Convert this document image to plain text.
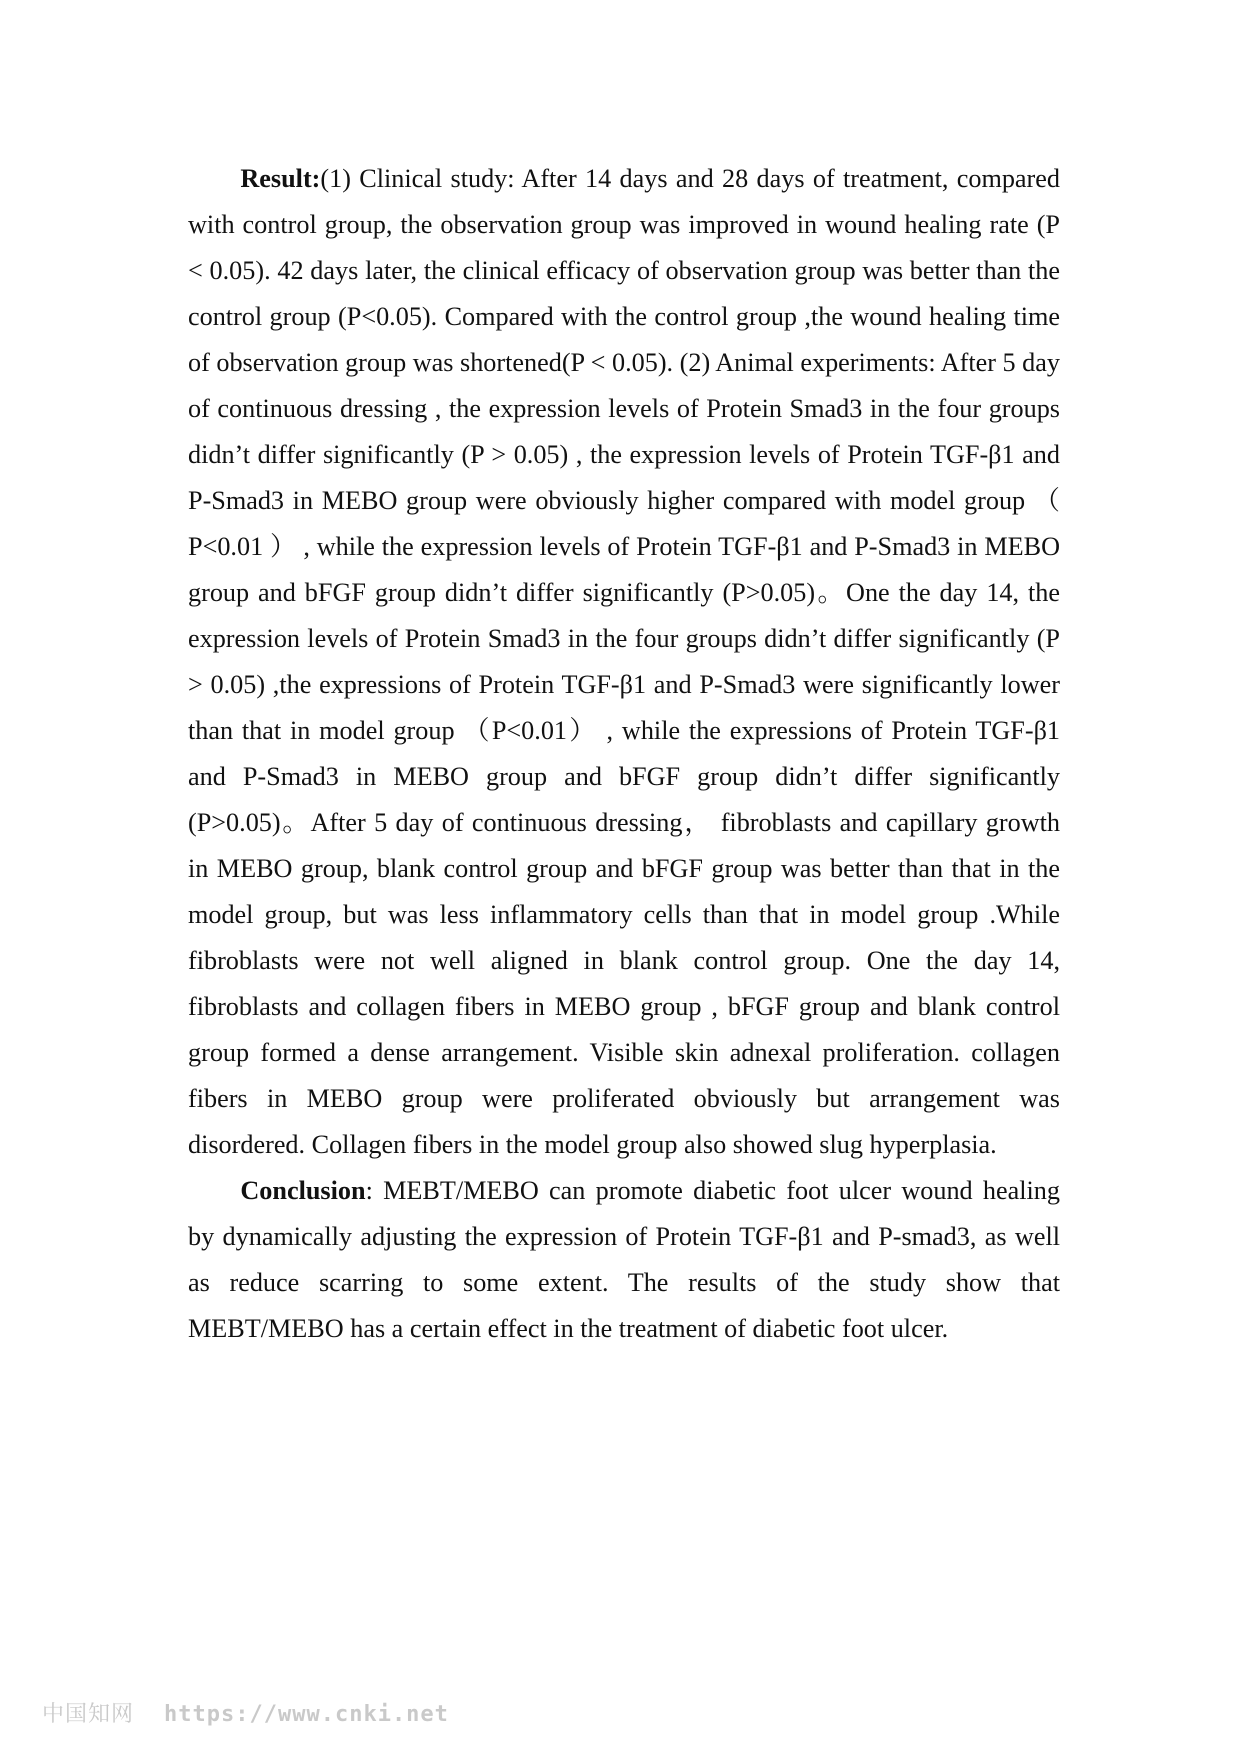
Result:(1) Clinical study: After 14 days and 28 days of treatment, compared with control group, the observation group was improved in wound healing rate (P < 0.05). 42 days later, the clinical efficacy of observation group was better than the control group (P<0.05). Compared with the control group ,the wound healing time of observation group was shortened(P < 0.05). (2) Animal experiments: After 5 day of continuous dressing , the expression levels of Protein Smad3 in the four groups didn’t differ significantly (P > 0.05) , the expression levels of Protein TGF-β1 and P-Smad3 in MEBO group were obviously higher compared with model group （ P<0.01 ） , while the expression levels of Protein TGF-β1 and P-Smad3 in MEBO group and bFGF group didn’t differ significantly (P>0.05)。One the day 14, the expression levels of Protein Smad3 in the four groups didn’t differ significantly (P > 0.05) ,the expressions of Protein TGF-β1 and P-Smad3 were significantly lower than that in model group （P<0.01） , while the expressions of Protein TGF-β1 and P-Smad3 in MEBO group and bFGF group didn’t differ significantly (P>0.05)。After 5 day of continuous dressing， fibroblasts and capillary growth in MEBO group, blank control group and bFGF group was better than that in the model group, but was less inflammatory cells than that in model group .While fibroblasts were not well aligned in blank control group. One the day 14, fibroblasts and collagen fibers in MEBO group , bFGF group and blank control group formed a dense arrangement. Visible skin adnexal proliferation. collagen fibers in MEBO group were proliferated obviously but arrangement was disordered. Collagen fibers in the model group also showed slug hyperplasia.

Conclusion: MEBT/MEBO can promote diabetic foot ulcer wound healing by dynamically adjusting the expression of Protein TGF-β1 and P-smad3, as well as reduce scarring to some extent. The results of the study show that MEBT/MEBO has a certain effect in the treatment of diabetic foot ulcer.

中国知网 https://www.cnki.net
